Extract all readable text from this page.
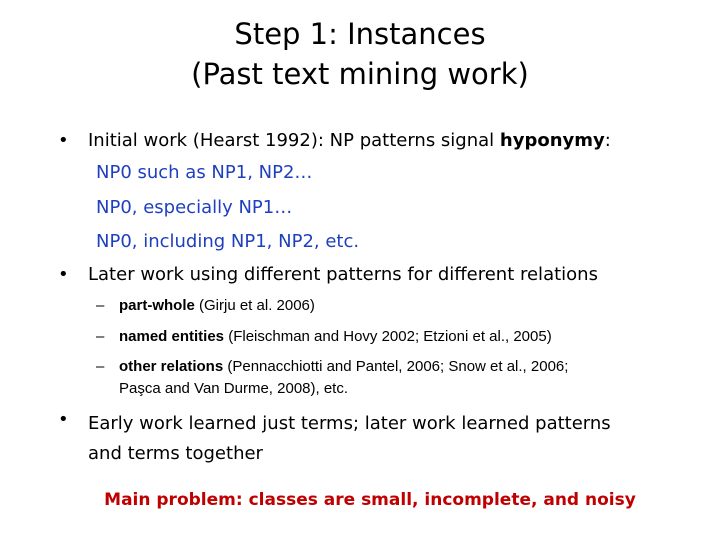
Step 1: Instances
(Past text mining work)
• Initial work (Hearst 1992): NP patterns signal hyponymy:
NP0 such as NP1, NP2…
NP0, especially NP1…
NP0, including NP1, NP2, etc.
• Later work using different patterns for different relations
– part-whole (Girju et al. 2006)
– named entities (Fleischman and Hovy 2002; Etzioni et al., 2005)
– other relations (Pennacchiotti and Pantel, 2006; Snow et al., 2006;
Paşca and Van Durme, 2008), etc.
• Early work learned just terms; later work learned patterns
and terms together
Main problem: classes are small, incomplete, and noisy
